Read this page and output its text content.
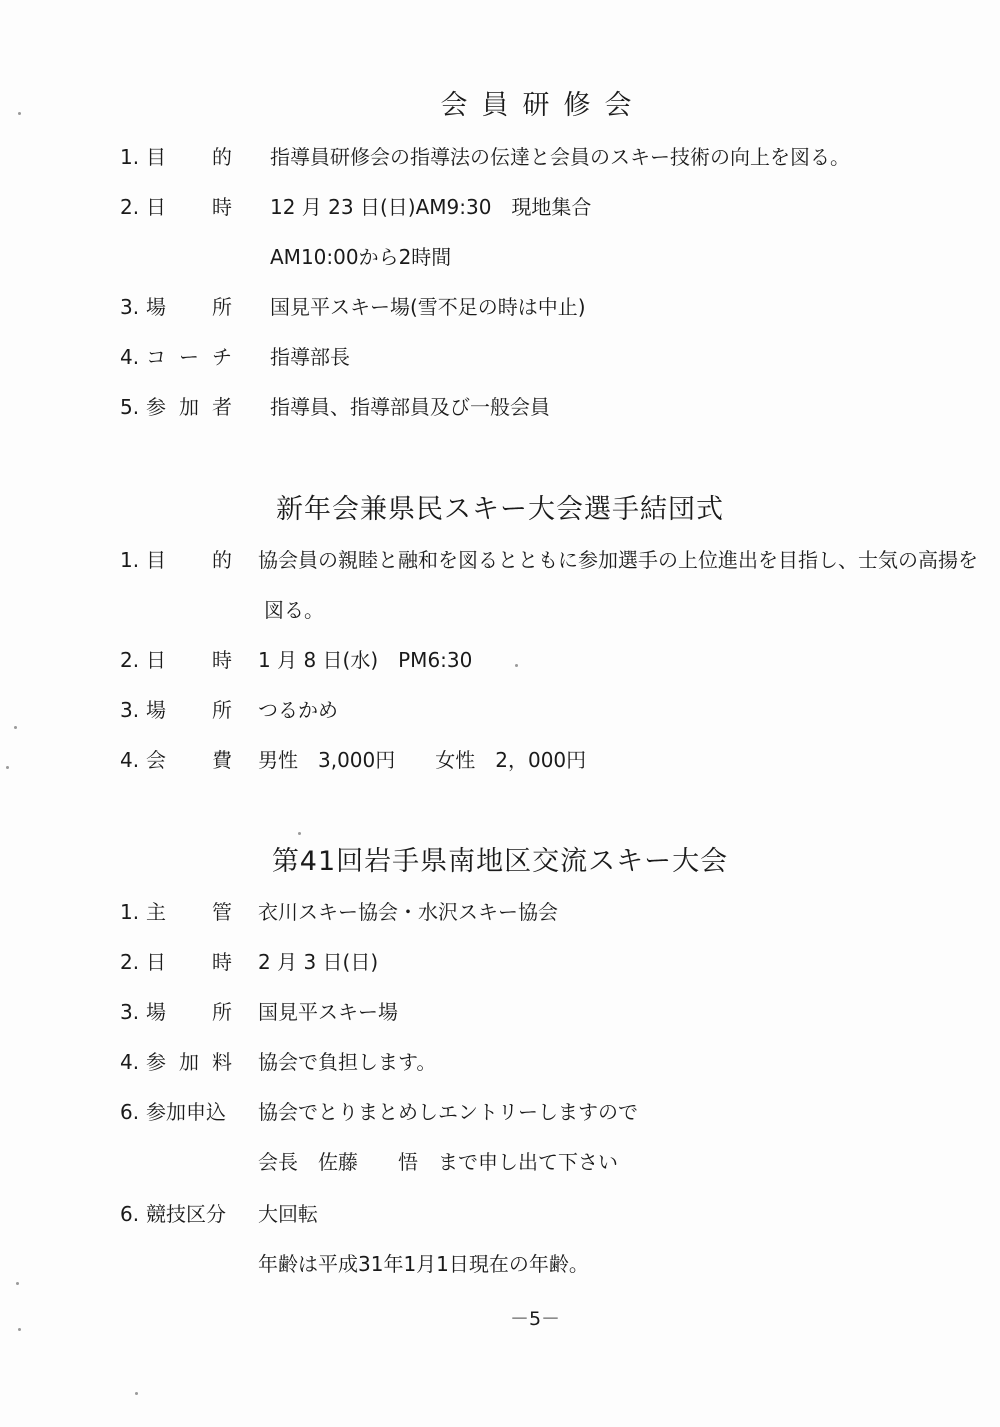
会員研修会
1. 目 的 指導員研修会の指導法の伝達と会員のスキー技術の向上を図る。
2. 日 時 12 月 23 日(日)AM9:30　現地集合
AM10:00から2時間
3. 場 所 国見平スキー場(雪不足の時は中止)
4. コ ー チ 指導部長
5. 参 加 者 指導員、指導部員及び一般会員
新年会兼県民スキー大会選手結団式
1. 目 的 協会員の親睦と融和を図るとともに参加選手の上位進出を目指し、士気の高揚を
図る。
2. 日 時 1 月 8 日(水)　PM6:30
3. 場 所 つるかめ
4. 会 費 男性　3,000円　　女性　2，000円
第41回岩手県南地区交流スキー大会
1. 主 管 衣川スキー協会・水沢スキー協会
2. 日 時 2 月 3 日(日)
3. 場 所 国見平スキー場
4. 参 加 料 協会で負担します。
6. 参加申込 協会でとりまとめしエントリーしますので
会長　佐藤　　悟　まで申し出て下さい
6. 競技区分 大回転
年齢は平成31年1月1日現在の年齢。
－5－
